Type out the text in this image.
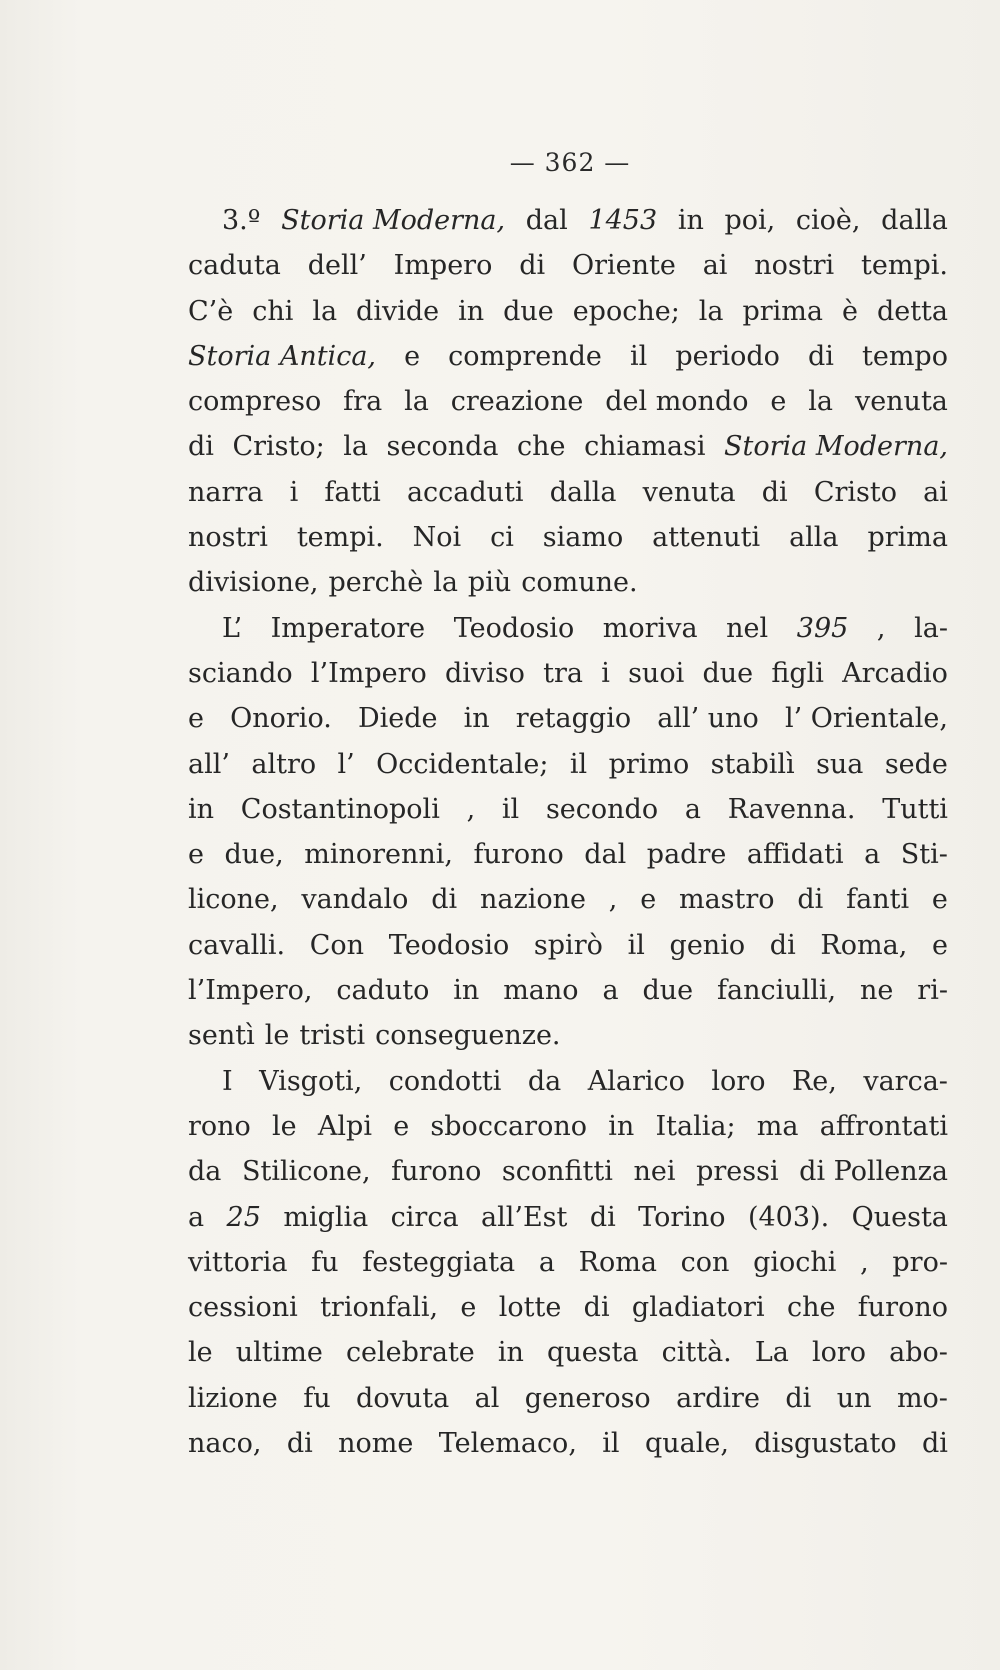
— 362 —
3.º Storia Moderna, dal 1453 in poi, cioè, dalla
caduta dell’ Impero di Oriente ai nostri tempi.
C’è chi la divide in due epoche; la prima è detta
Storia Antica, e comprende il periodo di tempo
compreso fra la creazione del mondo e la venuta
di Cristo; la seconda che chiamasi Storia Moderna,
narra i fatti accaduti dalla venuta di Cristo ai
nostri tempi. Noi ci siamo attenuti alla prima
divisione, perchè la più comune.
L’ Imperatore Teodosio moriva nel 395 , la-
sciando l’Impero diviso tra i suoi due figli Arcadio
e Onorio. Diede in retaggio all’ uno l’ Orientale,
all’ altro l’ Occidentale; il primo stabilì sua sede
in Costantinopoli , il secondo a Ravenna. Tutti
e due, minorenni, furono dal padre affidati a Sti-
licone, vandalo di nazione , e mastro di fanti e
cavalli. Con Teodosio spirò il genio di Roma, e
l’Impero, caduto in mano a due fanciulli, ne ri-
sentì le tristi conseguenze.
I Visgoti, condotti da Alarico loro Re, varca-
rono le Alpi e sboccarono in Italia; ma affrontati
da Stilicone, furono sconfitti nei pressi di Pollenza
a 25 miglia circa all’Est di Torino (403). Questa
vittoria fu festeggiata a Roma con giochi , pro-
cessioni trionfali, e lotte di gladiatori che furono
le ultime celebrate in questa città. La loro abo-
lizione fu dovuta al generoso ardire di un mo-
naco, di nome Telemaco, il quale, disgustato di
